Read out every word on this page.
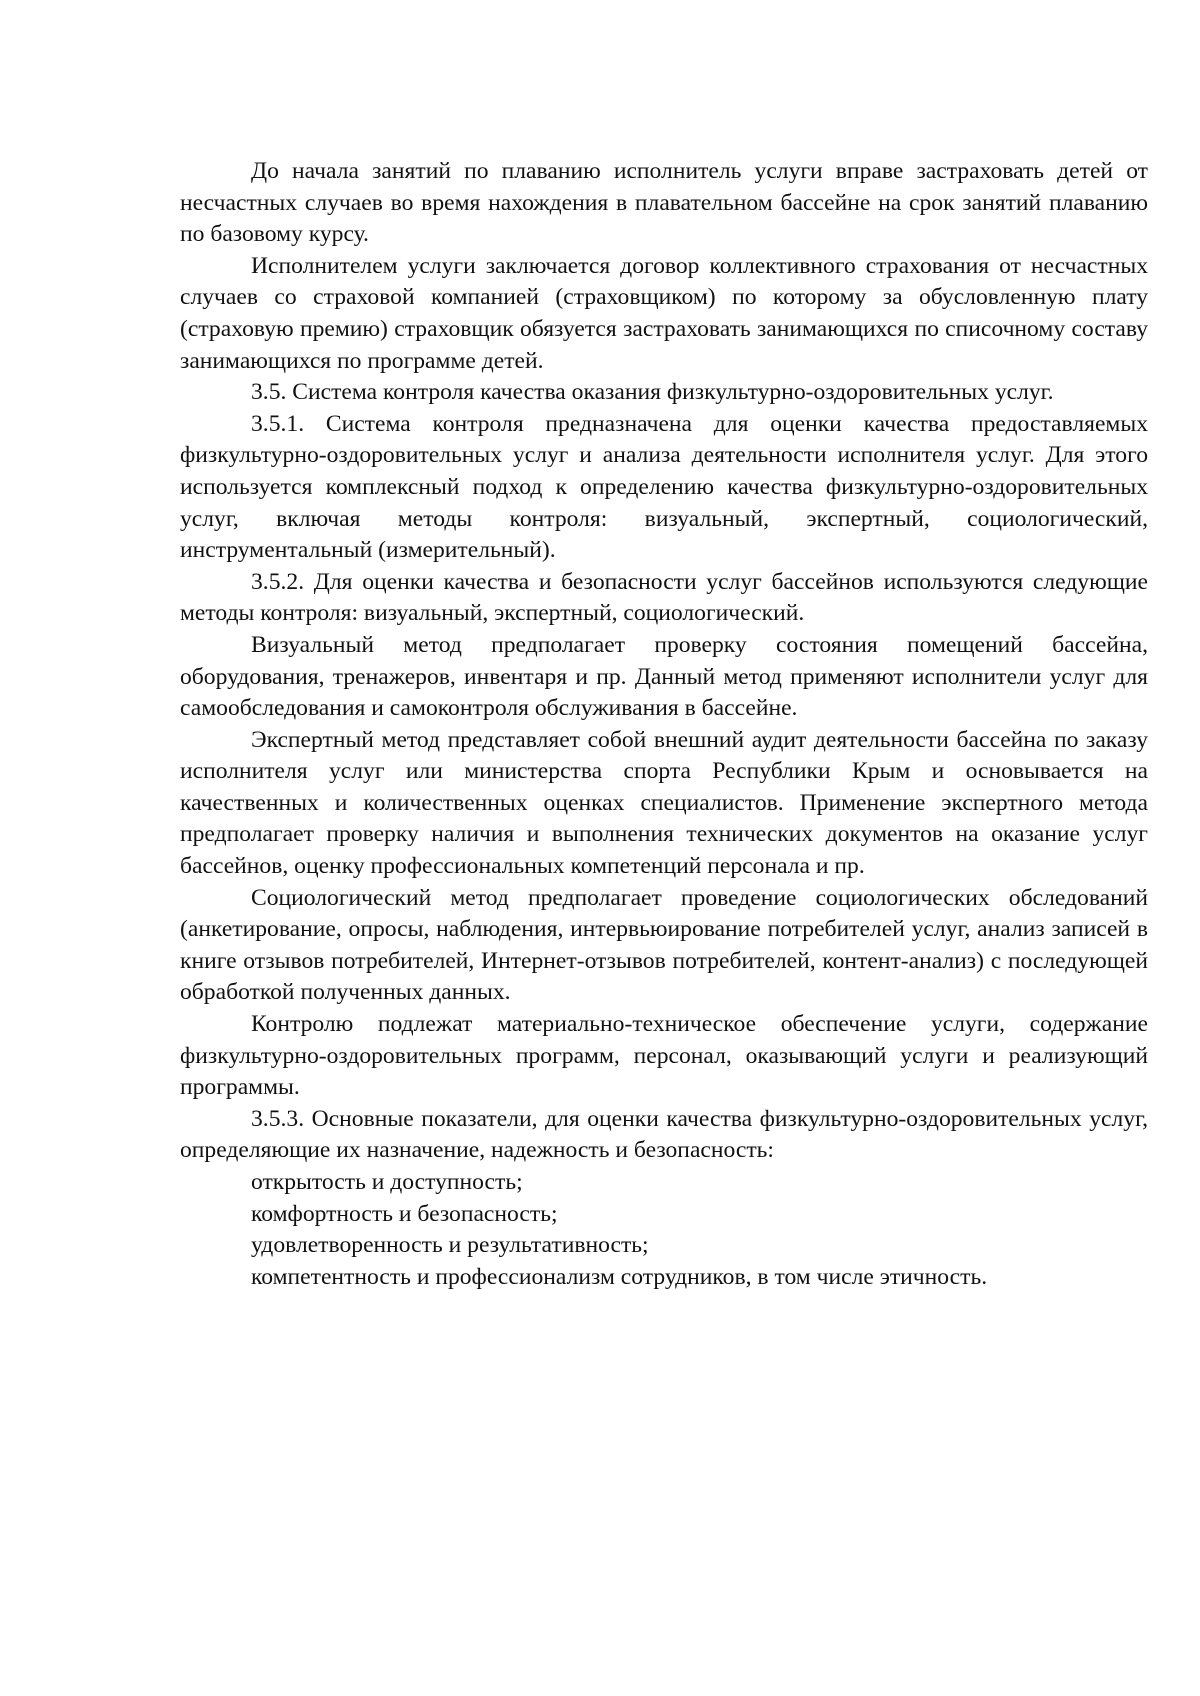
До начала занятий по плаванию исполнитель услуги вправе застраховать детей от несчастных случаев во время нахождения в плавательном бассейне на срок занятий плаванию по базовому курсу.

Исполнителем услуги заключается договор коллективного страхования от несчастных случаев со страховой компанией (страховщиком) по которому за обусловленную плату (страховую премию) страховщик обязуется застраховать занимающихся по списочному составу занимающихся по программе детей.

3.5. Система контроля качества оказания физкультурно-оздоровительных услуг.

3.5.1. Система контроля предназначена для оценки качества предоставляемых физкультурно-оздоровительных услуг и анализа деятельности исполнителя услуг. Для этого используется комплексный подход к определению качества физкультурно-оздоровительных услуг, включая методы контроля: визуальный, экспертный, социологический, инструментальный (измерительный).

3.5.2. Для оценки качества и безопасности услуг бассейнов используются следующие методы контроля: визуальный, экспертный, социологический.

Визуальный метод предполагает проверку состояния помещений бассейна, оборудования, тренажеров, инвентаря и пр. Данный метод применяют исполнители услуг для самообследования и самоконтроля обслуживания в бассейне.

Экспертный метод представляет собой внешний аудит деятельности бассейна по заказу исполнителя услуг или министерства спорта Республики Крым и основывается на качественных и количественных оценках специалистов. Применение экспертного метода предполагает проверку наличия и выполнения технических документов на оказание услуг бассейнов, оценку профессиональных компетенций персонала и пр.

Социологический метод предполагает проведение социологических обследований (анкетирование, опросы, наблюдения, интервьюирование потребителей услуг, анализ записей в книге отзывов потребителей, Интернет-отзывов потребителей, контент-анализ) с последующей обработкой полученных данных.

Контролю подлежат материально-техническое обеспечение услуги, содержание физкультурно-оздоровительных программ, персонал, оказывающий услуги и реализующий программы.

3.5.3. Основные показатели, для оценки качества физкультурно-оздоровительных услуг, определяющие их назначение, надежность и безопасность:

открытость и доступность;

комфортность и безопасность;

удовлетворенность и результативность;

компетентность и профессионализм сотрудников, в том числе этичность.
